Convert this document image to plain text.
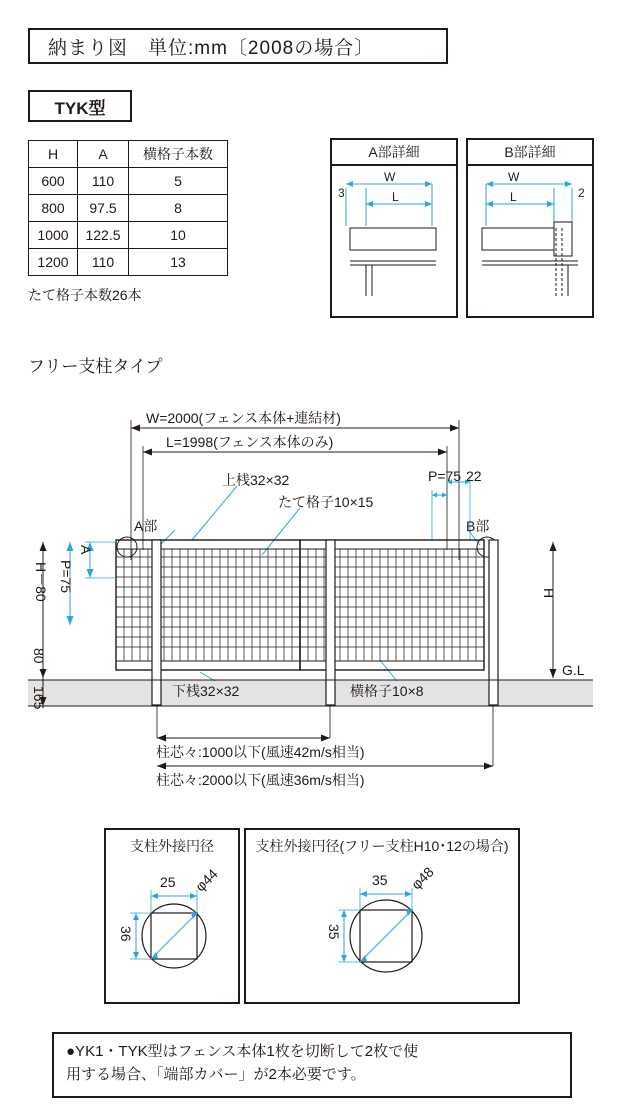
納まり図　単位:mm〔2008の場合〕
TYK型
H	A	横格子本数
600	110	5
800	97.5	8
1000	122.5	10
1200	110	13
たて格子本数26本
A部詳細
3
W
L
B部詳細
W
L	2
フリー支柱タイプ
W=2000(フェンス本体+連結材)
L=1998(フェンス本体のみ)
上桟32×32
たて格子10×15
P=75 22
A部	B部
A
P=75
H－80
80
165
H
G.L
下桟32×32	横格子10×8
柱芯々:1000以下(風速42m/s相当)
柱芯々:2000以下(風速36m/s相当)
支柱外接円径
25 φ44
36
支柱外接円径(フリー支柱H10･12の場合)
35 φ48
35
●YK1・TYK型はフェンス本体1枚を切断して2枚で使
用する場合、「端部カバー」が2本必要です。
